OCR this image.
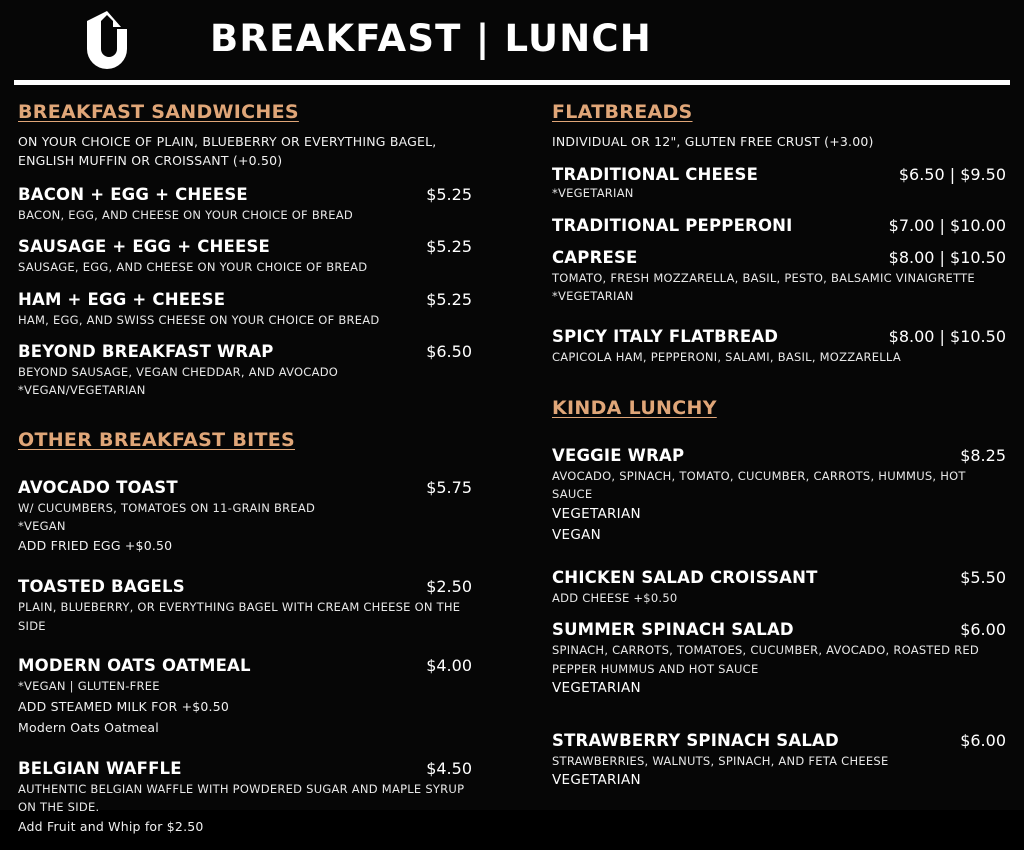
BREAKFAST | LUNCH
BREAKFAST SANDWICHES
ON YOUR CHOICE OF PLAIN, BLUEBERRY OR EVERYTHING BAGEL, ENGLISH MUFFIN OR CROISSANT (+0.50)
BACON + EGG + CHEESE	$5.25
BACON, EGG, AND CHEESE ON YOUR CHOICE OF BREAD
SAUSAGE + EGG + CHEESE	$5.25
SAUSAGE, EGG, AND CHEESE ON YOUR CHOICE OF BREAD
HAM + EGG + CHEESE	$5.25
HAM, EGG, AND SWISS CHEESE ON YOUR CHOICE OF BREAD
BEYOND BREAKFAST WRAP	$6.50
BEYOND SAUSAGE, VEGAN CHEDDAR, AND AVOCADO
*VEGAN/VEGETARIAN
OTHER BREAKFAST BITES
AVOCADO TOAST	$5.75
W/ CUCUMBERS, TOMATOES ON 11-GRAIN BREAD
*VEGAN
ADD FRIED EGG +$0.50
TOASTED BAGELS	$2.50
PLAIN, BLUEBERRY, OR EVERYTHING BAGEL WITH CREAM CHEESE ON THE SIDE
MODERN OATS OATMEAL	$4.00
*VEGAN | GLUTEN-FREE
ADD STEAMED MILK FOR +$0.50
Modern Oats Oatmeal
BELGIAN WAFFLE	$4.50
AUTHENTIC BELGIAN WAFFLE WITH POWDERED SUGAR AND MAPLE SYRUP ON THE SIDE.
Add Fruit and Whip for $2.50
FLATBREADS
INDIVIDUAL OR 12", GLUTEN FREE CRUST (+3.00)
TRADITIONAL CHEESE	$6.50 | $9.50
*VEGETARIAN
TRADITIONAL PEPPERONI	$7.00 | $10.00
CAPRESE	$8.00 | $10.50
TOMATO, FRESH MOZZARELLA, BASIL, PESTO, BALSAMIC VINAIGRETTE
*VEGETARIAN
SPICY ITALY FLATBREAD	$8.00 | $10.50
CAPICOLA HAM, PEPPERONI, SALAMI, BASIL, MOZZARELLA
KINDA LUNCHY
VEGGIE WRAP	$8.25
AVOCADO, SPINACH, TOMATO, CUCUMBER, CARROTS, HUMMUS, HOT SAUCE
VEGETARIAN
VEGAN
CHICKEN SALAD CROISSANT	$5.50
ADD CHEESE +$0.50
SUMMER SPINACH SALAD	$6.00
SPINACH, CARROTS, TOMATOES, CUCUMBER, AVOCADO, ROASTED RED PEPPER HUMMUS AND HOT SAUCE
VEGETARIAN
STRAWBERRY SPINACH SALAD	$6.00
STRAWBERRIES, WALNUTS, SPINACH, AND FETA CHEESE
VEGETARIAN
